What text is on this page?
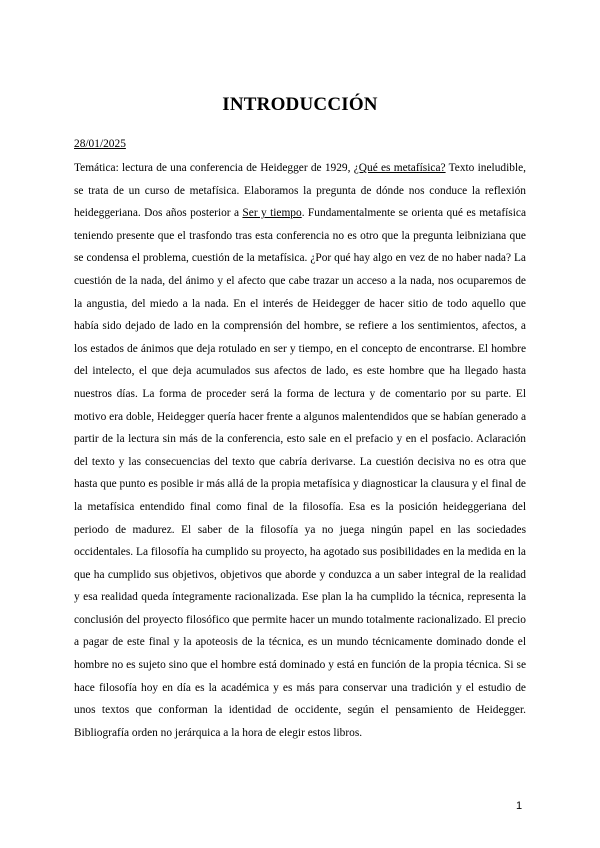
INTRODUCCIÓN

28/01/2025

Temática: lectura de una conferencia de Heidegger de 1929, ¿Qué es metafísica? Texto ineludible, se trata de un curso de metafísica. Elaboramos la pregunta de dónde nos conduce la reflexión heideggeriana. Dos años posterior a Ser y tiempo. Fundamentalmente se orienta qué es metafísica teniendo presente que el trasfondo tras esta conferencia no es otro que la pregunta leibniziana que se condensa el problema, cuestión de la metafísica. ¿Por qué hay algo en vez de no haber nada? La cuestión de la nada, del ánimo y el afecto que cabe trazar un acceso a la nada, nos ocuparemos de la angustia, del miedo a la nada. En el interés de Heidegger de hacer sitio de todo aquello que había sido dejado de lado en la comprensión del hombre, se refiere a los sentimientos, afectos, a los estados de ánimos que deja rotulado en ser y tiempo, en el concepto de encontrarse. El hombre del intelecto, el que deja acumulados sus afectos de lado, es este hombre que ha llegado hasta nuestros días. La forma de proceder será la forma de lectura y de comentario por su parte. El motivo era doble, Heidegger quería hacer frente a algunos malentendidos que se habían generado a partir de la lectura sin más de la conferencia, esto sale en el prefacio y en el posfacio. Aclaración del texto y las consecuencias del texto que cabría derivarse. La cuestión decisiva no es otra que hasta que punto es posible ir más allá de la propia metafísica y diagnosticar la clausura y el final de la metafísica entendido final como final de la filosofía. Esa es la posición heideggeriana del periodo de madurez. El saber de la filosofía ya no juega ningún papel en las sociedades occidentales. La filosofía ha cumplido su proyecto, ha agotado sus posibilidades en la medida en la que ha cumplido sus objetivos, objetivos que aborde y conduzca a un saber integral de la realidad y esa realidad queda íntegramente racionalizada. Ese plan la ha cumplido la técnica, representa la conclusión del proyecto filosófico que permite hacer un mundo totalmente racionalizado. El precio a pagar de este final y la apoteosis de la técnica, es un mundo técnicamente dominado donde el hombre no es sujeto sino que el hombre está dominado y está en función de la propia técnica. Si se hace filosofía hoy en día es la académica y es más para conservar una tradición y el estudio de unos textos que conforman la identidad de occidente, según el pensamiento de Heidegger. Bibliografía orden no jerárquica a la hora de elegir estos libros.

1
